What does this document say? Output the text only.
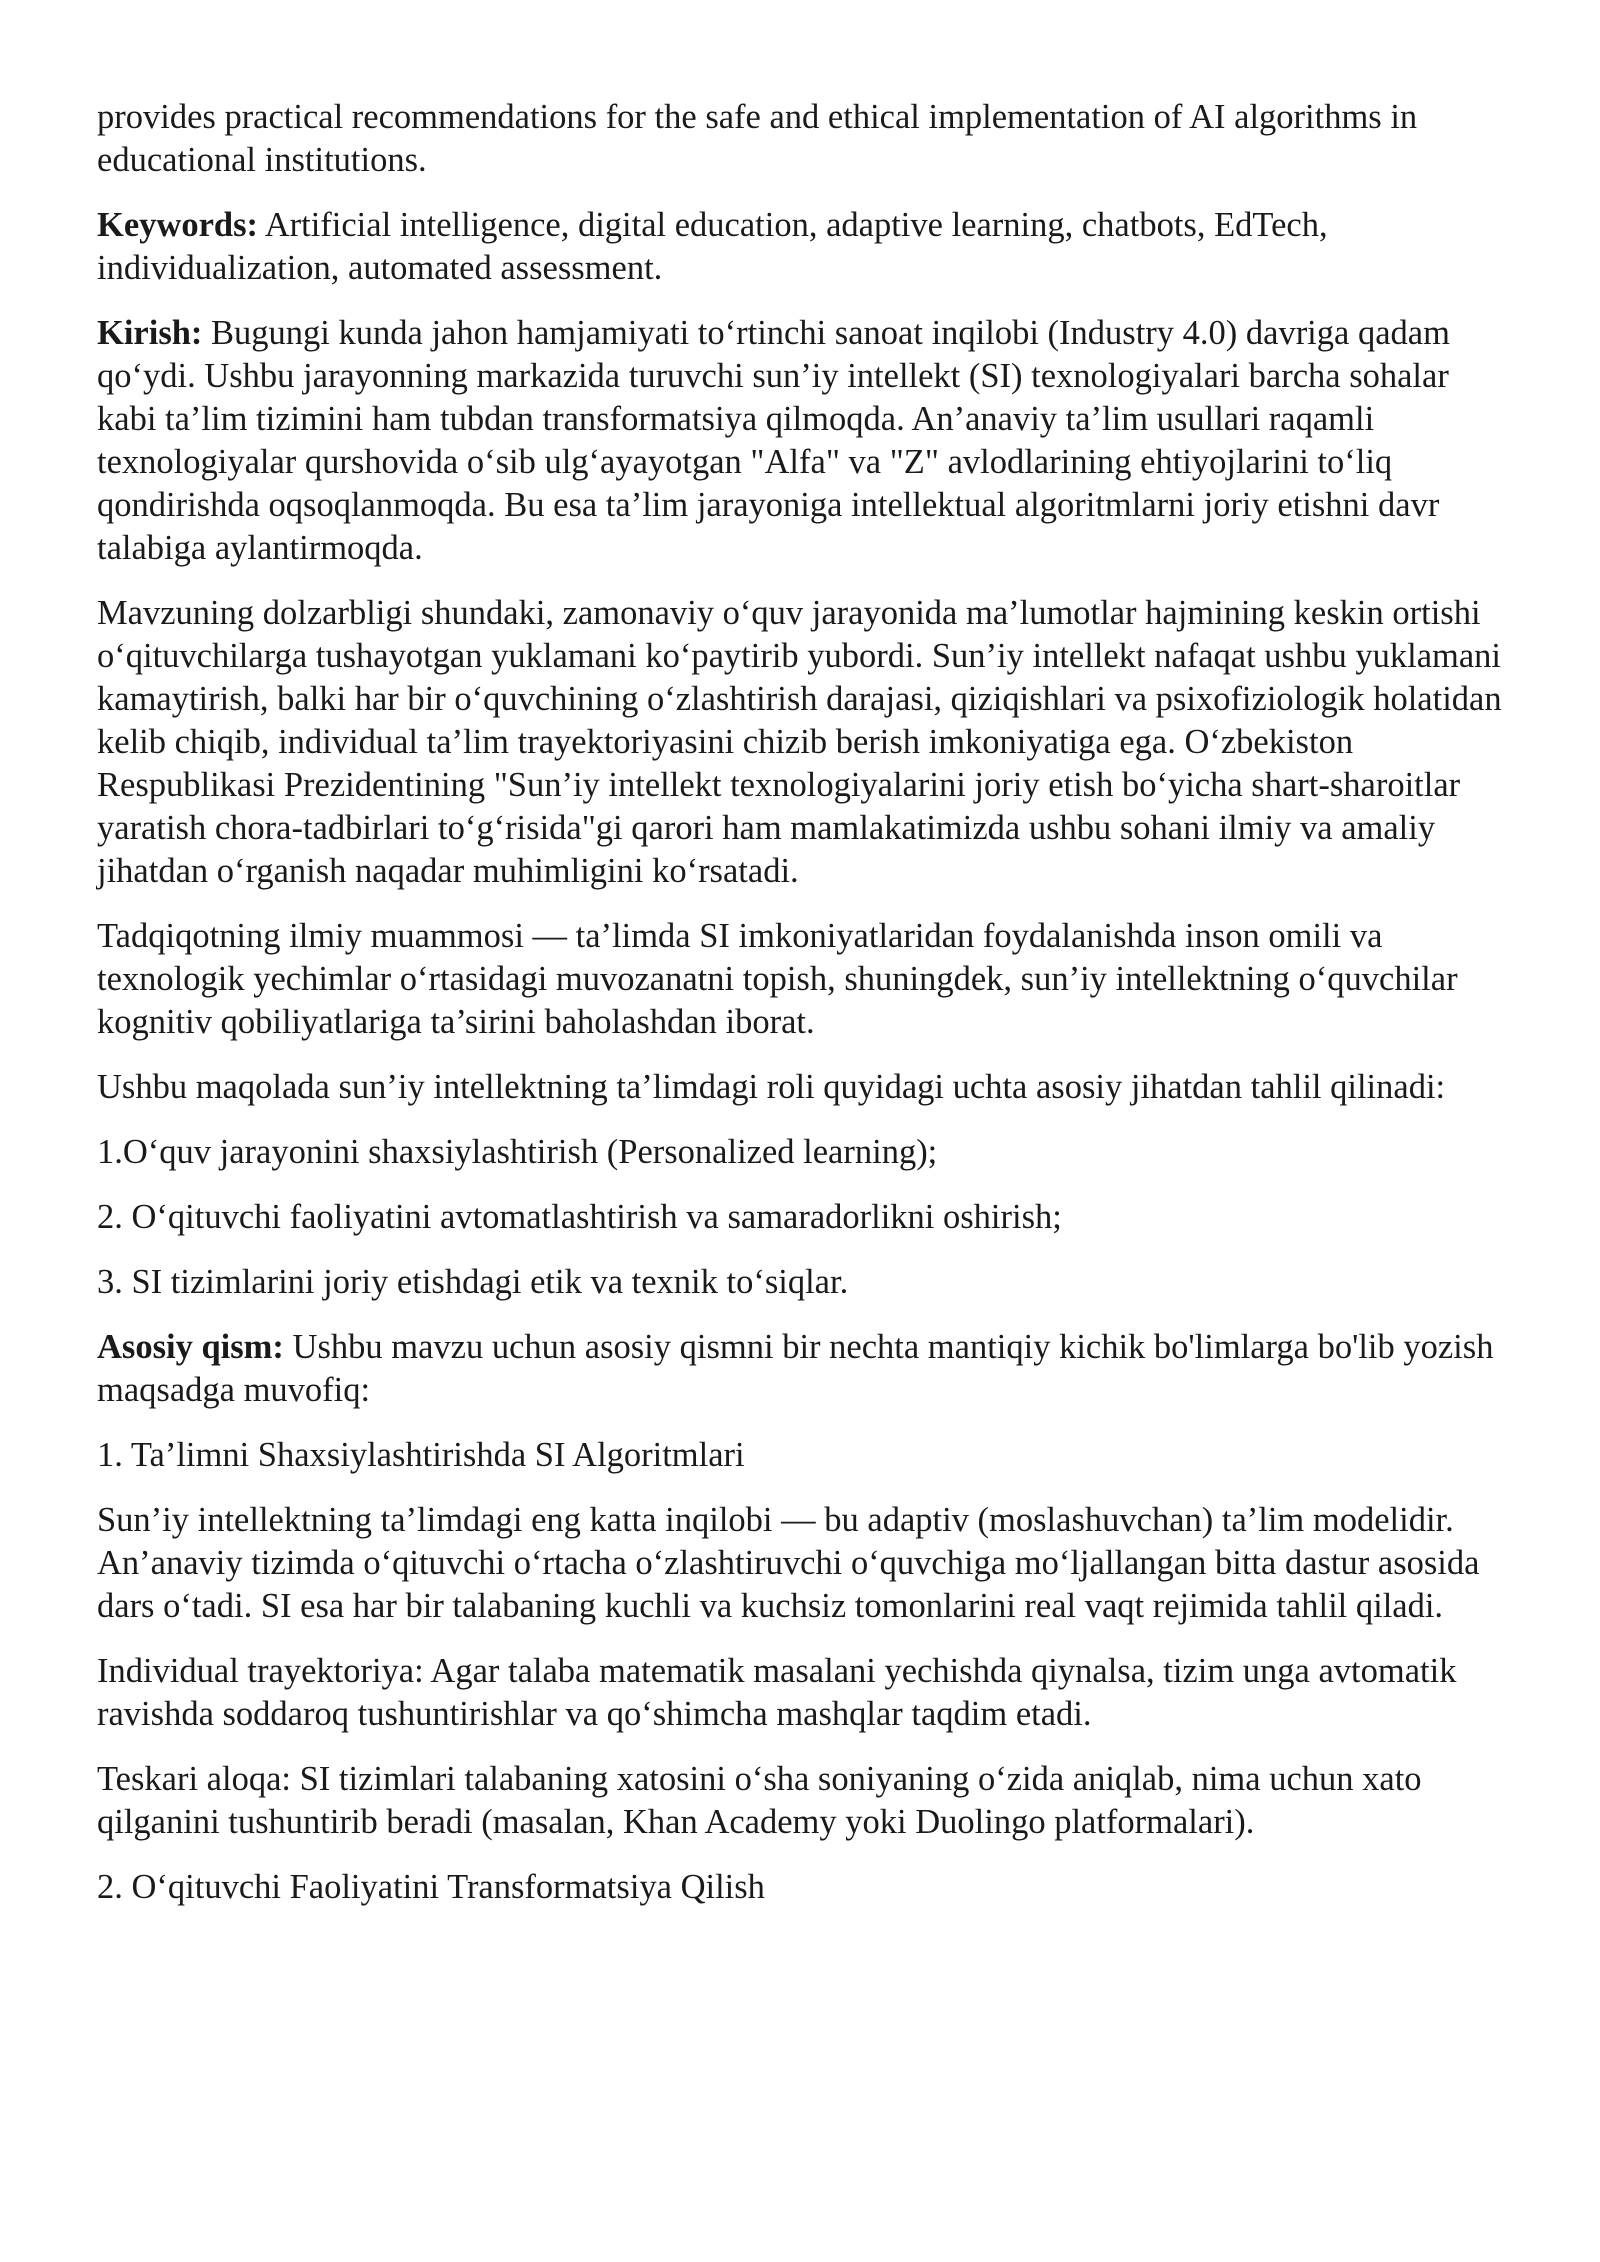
provides practical recommendations for the safe and ethical implementation of AI algorithms in educational institutions.

Keywords: Artificial intelligence, digital education, adaptive learning, chatbots, EdTech, individualization, automated assessment.

Kirish: Bugungi kunda jahon hamjamiyati to‘rtinchi sanoat inqilobi (Industry 4.0) davriga qadam qo‘ydi. Ushbu jarayonning markazida turuvchi sun’iy intellekt (SI) texnologiyalari barcha sohalar kabi ta’lim tizimini ham tubdan transformatsiya qilmoqda. An’anaviy ta’lim usullari raqamli texnologiyalar qurshovida o‘sib ulg‘ayayotgan "Alfa" va "Z" avlodlarining ehtiyojlarini to‘liq qondirishda oqsoqlanmoqda. Bu esa ta’lim jarayoniga intellektual algoritmlarni joriy etishni davr talabiga aylantirmoqda.

Mavzuning dolzarbligi shundaki, zamonaviy o‘quv jarayonida ma’lumotlar hajmining keskin ortishi o‘qituvchilarga tushayotgan yuklamani ko‘paytirib yubordi. Sun’iy intellekt nafaqat ushbu yuklamani kamaytirish, balki har bir o‘quvchining o‘zlashtirish darajasi, qiziqishlari va psixofiziologik holatidan kelib chiqib, individual ta’lim trayektoriyasini chizib berish imkoniyatiga ega. O‘zbekiston Respublikasi Prezidentining "Sun’iy intellekt texnologiyalarini joriy etish bo‘yicha shart-sharoitlar yaratish chora-tadbirlari to‘g‘risida"gi qarori ham mamlakatimizda ushbu sohani ilmiy va amaliy jihatdan o‘rganish naqadar muhimligini ko‘rsatadi.

Tadqiqotning ilmiy muammosi — ta’limda SI imkoniyatlaridan foydalanishda inson omili va texnologik yechimlar o‘rtasidagi muvozanatni topish, shuningdek, sun’iy intellektning o‘quvchilar kognitiv qobiliyatlariga ta’sirini baholashdan iborat.

Ushbu maqolada sun’iy intellektning ta’limdagi roli quyidagi uchta asosiy jihatdan tahlil qilinadi:

1.O‘quv jarayonini shaxsiylashtirish (Personalized learning);

2. O‘qituvchi faoliyatini avtomatlashtirish va samaradorlikni oshirish;

3. SI tizimlarini joriy etishdagi etik va texnik to‘siqlar.

Asosiy qism: Ushbu mavzu uchun asosiy qismni bir nechta mantiqiy kichik bo'limlarga bo'lib yozish maqsadga muvofiq:

1. Ta’limni Shaxsiylashtirishda SI Algoritmlari

Sun’iy intellektning ta’limdagi eng katta inqilobi — bu adaptiv (moslashuvchan) ta’lim modelidir. An’anaviy tizimda o‘qituvchi o‘rtacha o‘zlashtiruvchi o‘quvchiga mo‘ljallangan bitta dastur asosida dars o‘tadi. SI esa har bir talabaning kuchli va kuchsiz tomonlarini real vaqt rejimida tahlil qiladi.

Individual trayektoriya: Agar talaba matematik masalani yechishda qiynalsa, tizim unga avtomatik ravishda soddaroq tushuntirishlar va qo‘shimcha mashqlar taqdim etadi.

Teskari aloqa: SI tizimlari talabaning xatosini o‘sha soniyaning o‘zida aniqlab, nima uchun xato qilganini tushuntirib beradi (masalan, Khan Academy yoki Duolingo platformalari).

2. O‘qituvchi Faoliyatini Transformatsiya Qilish
